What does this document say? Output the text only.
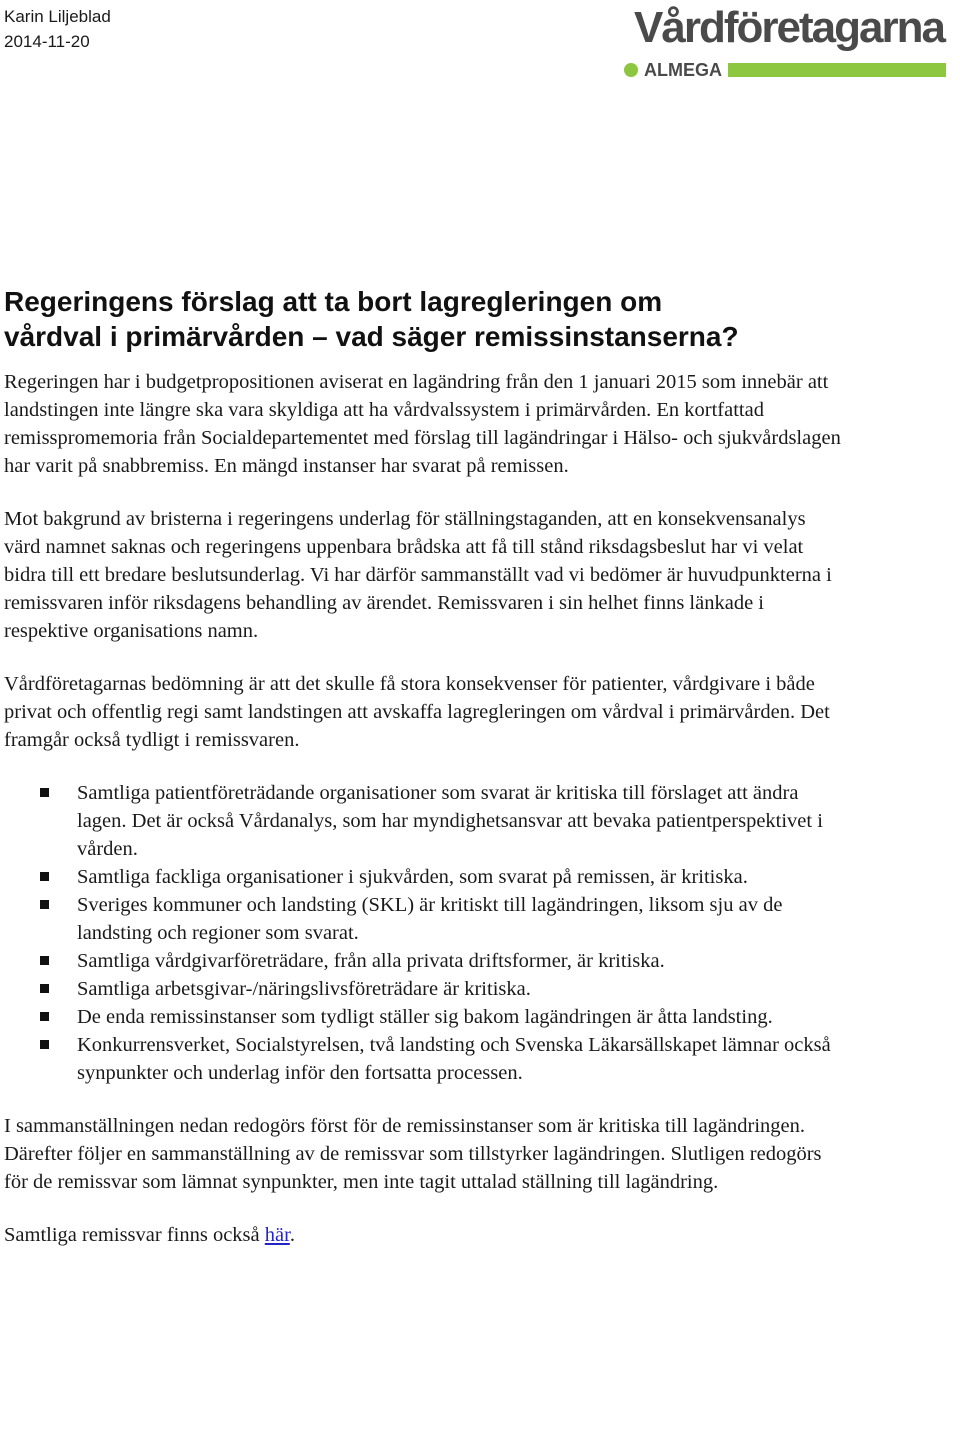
Karin Liljeblad
2014-11-20	Vårdföretagarna
ALMEGA
Regeringens förslag att ta bort lagregleringen om
vårdval i primärvården – vad säger remissinstanserna?

Regeringen har i budgetpropositionen aviserat en lagändring från den 1 januari 2015 som innebär att landstingen inte längre ska vara skyldiga att ha vårdvalssystem i primärvården. En kortfattad remisspromemoria från Socialdepartementet med förslag till lagändringar i Hälso- och sjukvårdslagen har varit på snabbremiss. En mängd instanser har svarat på remissen.

Mot bakgrund av bristerna i regeringens underlag för ställningstaganden, att en konsekvensanalys värd namnet saknas och regeringens uppenbara brådska att få till stånd riksdagsbeslut har vi velat bidra till ett bredare beslutsunderlag. Vi har därför sammanställt vad vi bedömer är huvudpunkterna i remissvaren inför riksdagens behandling av ärendet. Remissvaren i sin helhet finns länkade i respektive organisations namn.

Vårdföretagarnas bedömning är att det skulle få stora konsekvenser för patienter, vårdgivare i både privat och offentlig regi samt landstingen att avskaffa lagregleringen om vårdval i primärvården. Det framgår också tydligt i remissvaren.

Samtliga patientföreträdande organisationer som svarat är kritiska till förslaget att ändra lagen. Det är också Vårdanalys, som har myndighetsansvar att bevaka patientperspektivet i vården.
Samtliga fackliga organisationer i sjukvården, som svarat på remissen, är kritiska.
Sveriges kommuner och landsting (SKL) är kritiskt till lagändringen, liksom sju av de landsting och regioner som svarat.
Samtliga vårdgivarföreträdare, från alla privata driftsformer, är kritiska.
Samtliga arbetsgivar-/näringslivsföreträdare är kritiska.
De enda remissinstanser som tydligt ställer sig bakom lagändringen är åtta landsting.
Konkurrensverket, Socialstyrelsen, två landsting och Svenska Läkarsällskapet lämnar också synpunkter och underlag inför den fortsatta processen.

I sammanställningen nedan redogörs först för de remissinstanser som är kritiska till lagändringen. Därefter följer en sammanställning av de remissvar som tillstyrker lagändringen. Slutligen redogörs för de remissvar som lämnat synpunkter, men inte tagit uttalad ställning till lagändring.

Samtliga remissvar finns också här.
